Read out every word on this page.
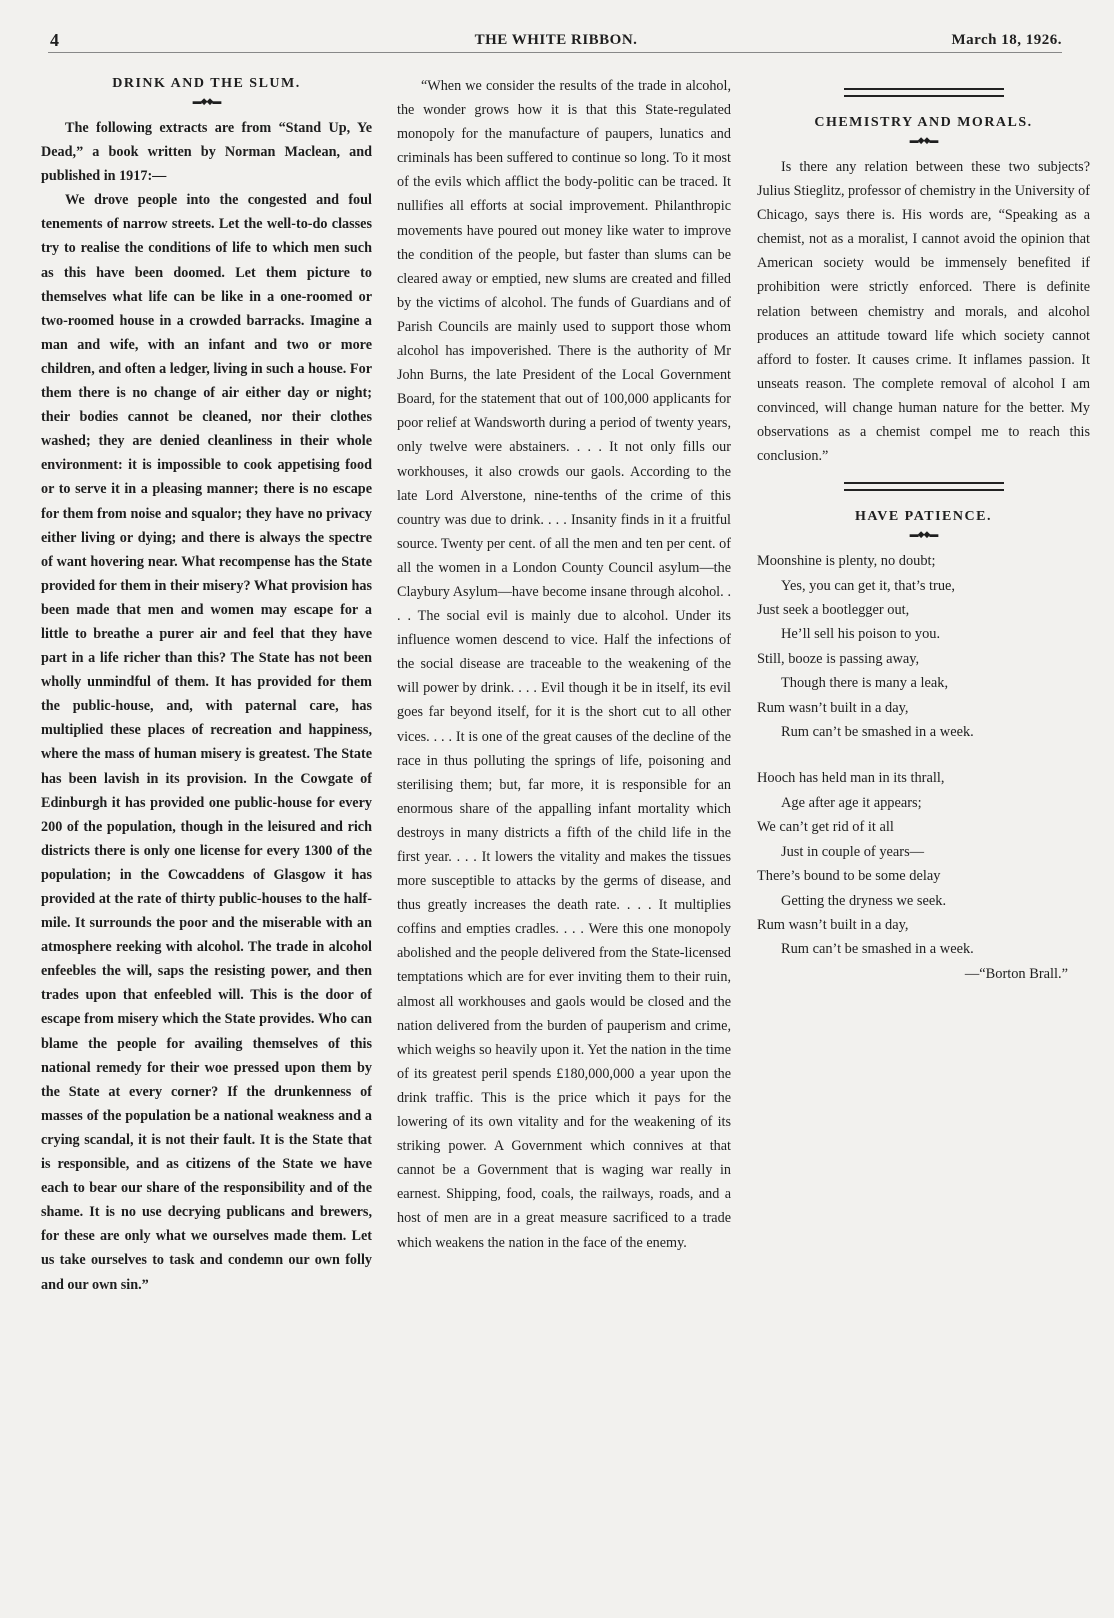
4	THE WHITE RIBBON.	March 18, 1926.
DRINK AND THE SLUM.
▬◆◆▬

The following extracts are from “Stand Up, Ye Dead,” a book written by Norman Maclean, and published in 1917:—

We drove people into the congested and foul tenements of narrow streets. Let the well-to-do classes try to realise the conditions of life to which men such as this have been doomed. Let them picture to themselves what life can be like in a one-roomed or two-roomed house in a crowded barracks. Imagine a man and wife, with an infant and two or more children, and often a ledger, living in such a house. For them there is no change of air either day or night; their bodies cannot be cleaned, nor their clothes washed; they are denied cleanliness in their whole environment: it is impossible to cook appetising food or to serve it in a pleasing manner; there is no escape for them from noise and squalor; they have no privacy either living or dying; and there is always the spectre of want hovering near. What recompense has the State provided for them in their misery? What provision has been made that men and women may escape for a little to breathe a purer air and feel that they have part in a life richer than this? The State has not been wholly unmindful of them. It has provided for them the public-house, and, with paternal care, has multiplied these places of recreation and happiness, where the mass of human misery is greatest. The State has been lavish in its provision. In the Cowgate of Edinburgh it has provided one public-house for every 200 of the population, though in the leisured and rich districts there is only one license for every 1300 of the population; in the Cowcaddens of Glasgow it has provided at the rate of thirty public-houses to the half-mile. It surrounds the poor and the miserable with an atmosphere reeking with alcohol. The trade in alcohol enfeebles the will, saps the resisting power, and then trades upon that enfeebled will. This is the door of escape from misery which the State provides. Who can blame the people for availing themselves of this national remedy for their woe pressed upon them by the State at every corner? If the drunkenness of masses of the population be a national weakness and a crying scandal, it is not their fault. It is the State that is responsible, and as citizens of the State we have each to bear our share of the responsibility and of the shame. It is no use decrying publicans and brewers, for these are only what we ourselves made them. Let us take ourselves to task and condemn our own folly and our own sin.”

“When we consider the results of the trade in alcohol, the wonder grows how it is that this State-regulated monopoly for the manufacture of paupers, lunatics and criminals has been suffered to continue so long. To it most of the evils which afflict the body-politic can be traced. It nullifies all efforts at social improvement. Philanthropic movements have poured out money like water to improve the condition of the people, but faster than slums can be cleared away or emptied, new slums are created and filled by the victims of alcohol. The funds of Guardians and of Parish Councils are mainly used to support those whom alcohol has impoverished. There is the authority of Mr John Burns, the late President of the Local Government Board, for the statement that out of 100,000 applicants for poor relief at Wandsworth during a period of twenty years, only twelve were abstainers. . . . It not only fills our workhouses, it also crowds our gaols. According to the late Lord Alverstone, nine-tenths of the crime of this country was due to drink. . . . Insanity finds in it a fruitful source. Twenty per cent. of all the men and ten per cent. of all the women in a London County Council asylum—the Claybury Asylum—have become insane through alcohol. . . . The social evil is mainly due to alcohol. Under its influence women descend to vice. Half the infections of the social disease are traceable to the weakening of the will power by drink. . . . Evil though it be in itself, its evil goes far beyond itself, for it is the short cut to all other vices. . . . It is one of the great causes of the decline of the race in thus polluting the springs of life, poisoning and sterilising them; but, far more, it is responsible for an enormous share of the appalling infant mortality which destroys in many districts a fifth of the child life in the first year. . . . It lowers the vitality and makes the tissues more susceptible to attacks by the germs of disease, and thus greatly increases the death rate. . . . It multiplies coffins and empties cradles. . . . Were this one monopoly abolished and the people delivered from the State-licensed temptations which are for ever inviting them to their ruin, almost all workhouses and gaols would be closed and the nation delivered from the burden of pauperism and crime, which weighs so heavily upon it. Yet the nation in the time of its greatest peril spends £180,000,000 a year upon the drink traffic. This is the price which it pays for the lowering of its own vitality and for the weakening of its striking power. A Government which connives at that cannot be a Government that is waging war really in earnest. Shipping, food, coals, the railways, roads, and a host of men are in a great measure sacrificed to a trade which weakens the nation in the face of the enemy.

CHEMISTRY AND MORALS.
▬◆◆▬

Is there any relation between these two subjects? Julius Stieglitz, professor of chemistry in the University of Chicago, says there is. His words are, “Speaking as a chemist, not as a moralist, I cannot avoid the opinion that American society would be immensely benefited if prohibition were strictly enforced. There is definite relation between chemistry and morals, and alcohol produces an attitude toward life which society cannot afford to foster. It causes crime. It inflames passion. It unseats reason. The complete removal of alcohol I am convinced, will change human nature for the better. My observations as a chemist compel me to reach this conclusion.”

HAVE PATIENCE.
▬◆◆▬
Moonshine is plenty, no doubt;
Yes, you can get it, that’s true,
Just seek a bootlegger out,
He’ll sell his poison to you.
Still, booze is passing away,
Though there is many a leak,
Rum wasn’t built in a day,
Rum can’t be smashed in a week.
Hooch has held man in its thrall,
Age after age it appears;
We can’t get rid of it all
Just in couple of years—
There’s bound to be some delay
Getting the dryness we seek.
Rum wasn’t built in a day,
Rum can’t be smashed in a week.
—“Borton Brall.”
